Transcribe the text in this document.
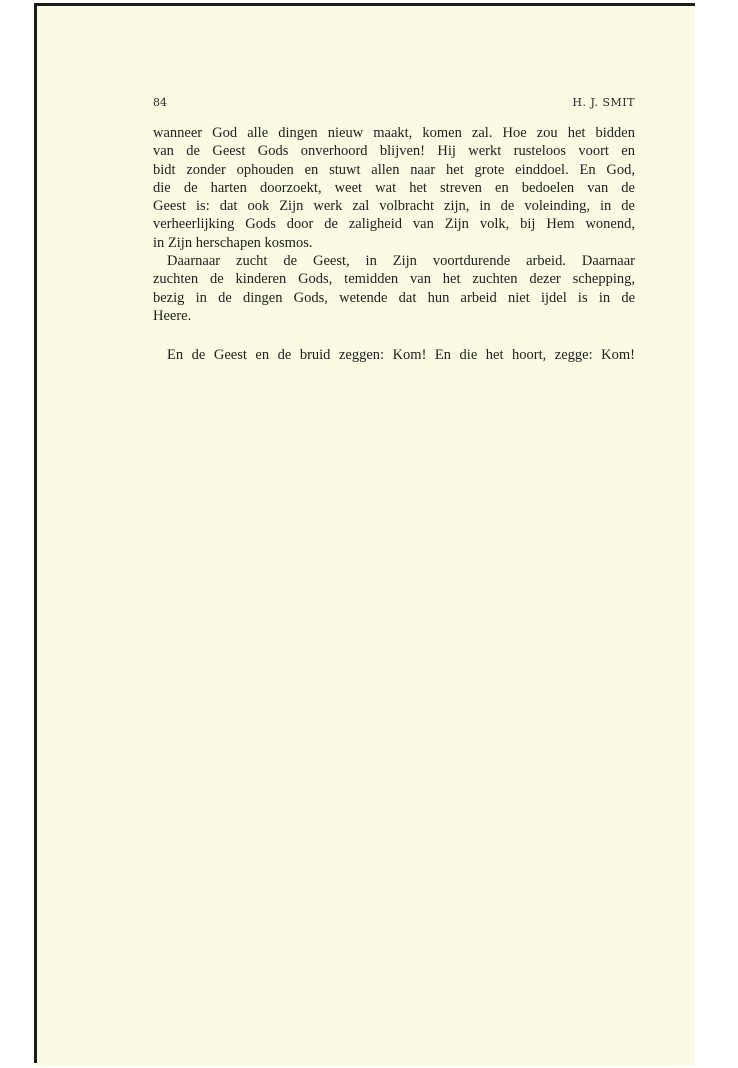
84	H. J. SMIT
wanneer God alle dingen nieuw maakt, komen zal. Hoe zou het bidden
van de Geest Gods onverhoord blijven! Hij werkt rusteloos voort en
bidt zonder ophouden en stuwt allen naar het grote einddoel. En God,
die de harten doorzoekt, weet wat het streven en bedoelen van de
Geest is: dat ook Zijn werk zal volbracht zijn, in de voleinding, in de
verheerlijking Gods door de zaligheid van Zijn volk, bij Hem wonend,
in Zijn herschapen kosmos.
Daarnaar zucht de Geest, in Zijn voortdurende arbeid. Daarnaar
zuchten de kinderen Gods, temidden van het zuchten dezer schepping,
bezig in de dingen Gods, wetende dat hun arbeid niet ijdel is in de
Heere.
En de Geest en de bruid zeggen: Kom! En die het hoort, zegge: Kom!
